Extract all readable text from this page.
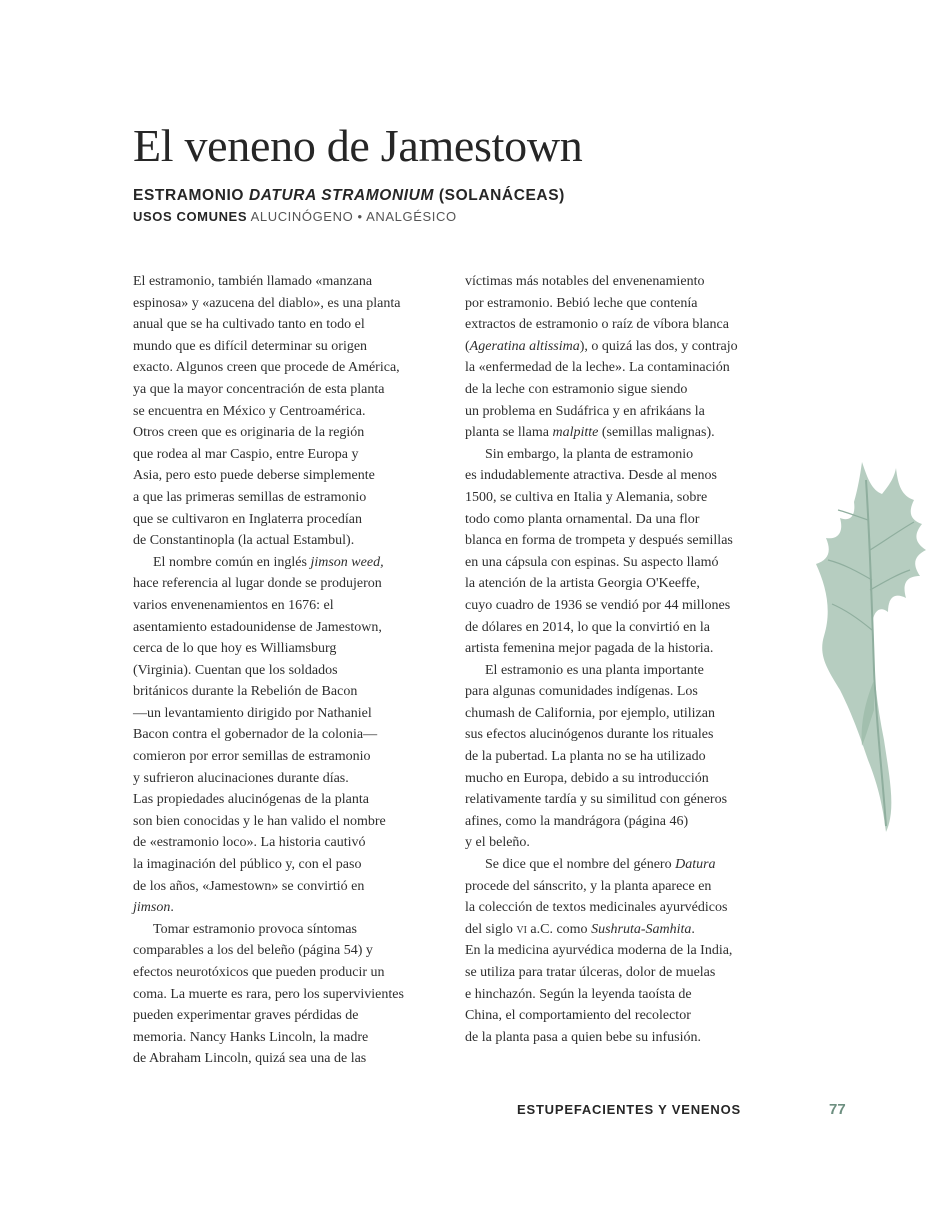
El veneno de Jamestown
ESTRAMONIO DATURA STRAMONIUM (SOLANÁCEAS)
USOS COMUNES ALUCINÓGENO • ANALGÉSICO
El estramonio, también llamado «manzana
espinosa» y «azucena del diablo», es una planta
anual que se ha cultivado tanto en todo el
mundo que es difícil determinar su origen
exacto. Algunos creen que procede de América,
ya que la mayor concentración de esta planta
se encuentra en México y Centroamérica.
Otros creen que es originaria de la región
que rodea al mar Caspio, entre Europa y
Asia, pero esto puede deberse simplemente
a que las primeras semillas de estramonio
que se cultivaron en Inglaterra procedían
de Constantinopla (la actual Estambul).
El nombre común en inglés jimson weed,
hace referencia al lugar donde se produjeron
varios envenenamientos en 1676: el
asentamiento estadounidense de Jamestown,
cerca de lo que hoy es Williamsburg
(Virginia). Cuentan que los soldados
británicos durante la Rebelión de Bacon
—un levantamiento dirigido por Nathaniel
Bacon contra el gobernador de la colonia—
comieron por error semillas de estramonio
y sufrieron alucinaciones durante días.
Las propiedades alucinógenas de la planta
son bien conocidas y le han valido el nombre
de «estramonio loco». La historia cautivó
la imaginación del público y, con el paso
de los años, «Jamestown» se convirtió en
jimson.
Tomar estramonio provoca síntomas
comparables a los del beleño (página 54) y
efectos neurotóxicos que pueden producir un
coma. La muerte es rara, pero los supervivientes
pueden experimentar graves pérdidas de
memoria. Nancy Hanks Lincoln, la madre
de Abraham Lincoln, quizá sea una de las
víctimas más notables del envenenamiento
por estramonio. Bebió leche que contenía
extractos de estramonio o raíz de víbora blanca
(Ageratina altissima), o quizá las dos, y contrajo
la «enfermedad de la leche». La contaminación
de la leche con estramonio sigue siendo
un problema en Sudáfrica y en afrikáans la
planta se llama malpitte (semillas malignas).
Sin embargo, la planta de estramonio
es indudablemente atractiva. Desde al menos
1500, se cultiva en Italia y Alemania, sobre
todo como planta ornamental. Da una flor
blanca en forma de trompeta y después semillas
en una cápsula con espinas. Su aspecto llamó
la atención de la artista Georgia O'Keeffe,
cuyo cuadro de 1936 se vendió por 44 millones
de dólares en 2014, lo que la convirtió en la
artista femenina mejor pagada de la historia.
El estramonio es una planta importante
para algunas comunidades indígenas. Los
chumash de California, por ejemplo, utilizan
sus efectos alucinógenos durante los rituales
de la pubertad. La planta no se ha utilizado
mucho en Europa, debido a su introducción
relativamente tardía y su similitud con géneros
afines, como la mandrágora (página 46)
y el beleño.
Se dice que el nombre del género Datura
procede del sánscrito, y la planta aparece en
la colección de textos medicinales ayurvédicos
del siglo vi a.C. como Sushruta-Samhita.
En la medicina ayurvédica moderna de la India,
se utiliza para tratar úlceras, dolor de muelas
e hinchazón. Según la leyenda taoísta de
China, el comportamiento del recolector
de la planta pasa a quien bebe su infusión.
ESTUPEFACIENTES Y VENENOS	77
